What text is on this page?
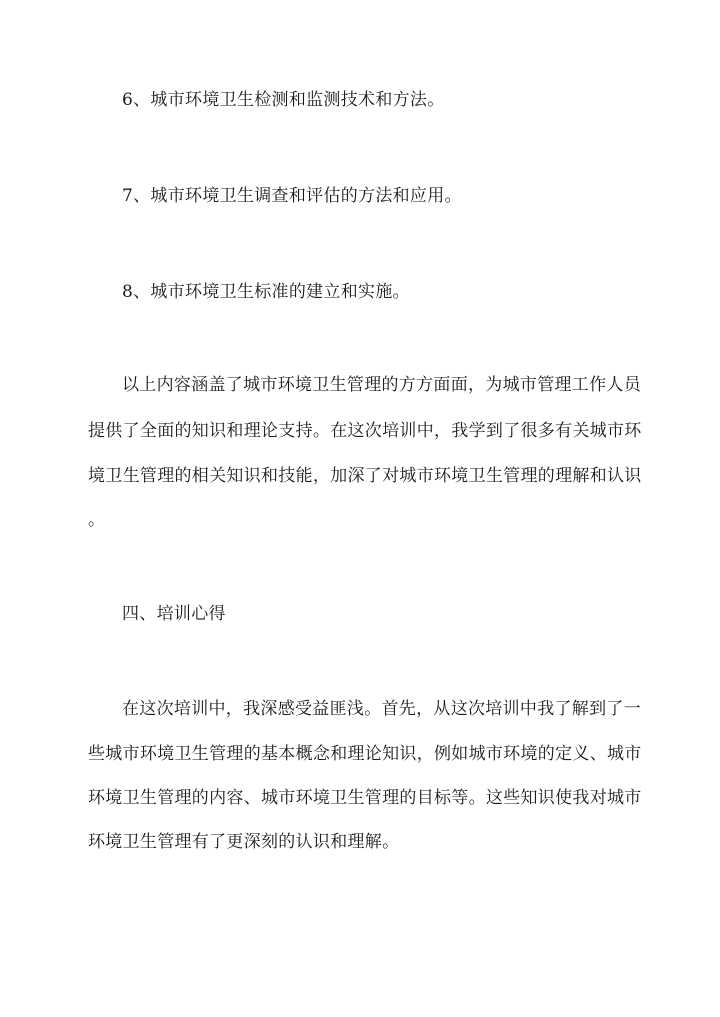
6、城市环境卫生检测和监测技术和方法。
7、城市环境卫生调查和评估的方法和应用。
8、城市环境卫生标准的建立和实施。
以上内容涵盖了城市环境卫生管理的方方面面，为城市管理工作人员
提供了全面的知识和理论支持。在这次培训中，我学到了很多有关城市环
境卫生管理的相关知识和技能，加深了对城市环境卫生管理的理解和认识
。
四、培训心得
在这次培训中，我深感受益匪浅。首先，从这次培训中我了解到了一
些城市环境卫生管理的基本概念和理论知识，例如城市环境的定义、城市
环境卫生管理的内容、城市环境卫生管理的目标等。这些知识使我对城市
环境卫生管理有了更深刻的认识和理解。
